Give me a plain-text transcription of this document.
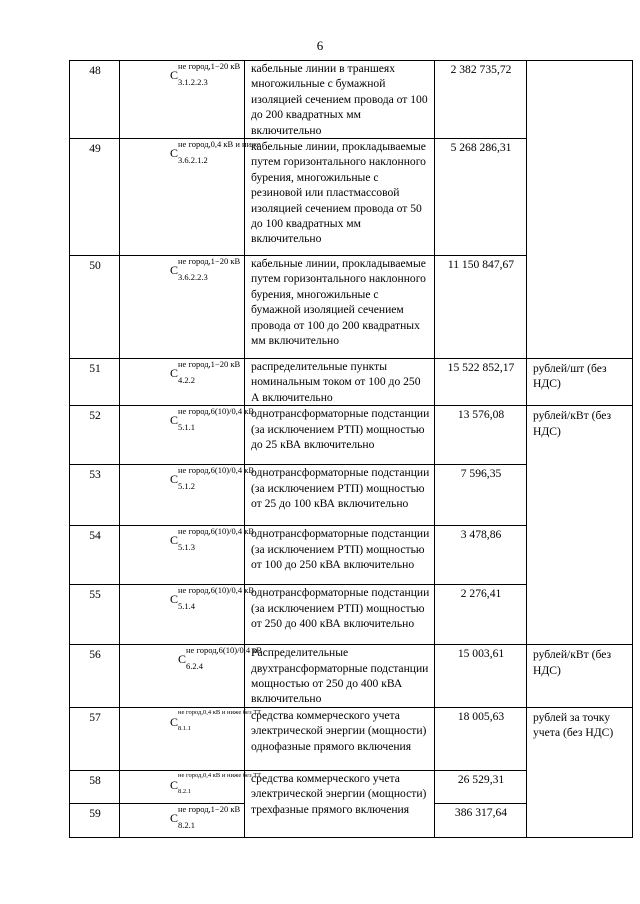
6
48	C
не город,1−20 кВ
3.1.2.2.3	кабельные линии в траншеях многожильные с бумажной изоляцией сечением провода от 100 до 200 квадратных мм включительно	2 382 735,72	
49	C
не город,0,4 кВ и ниже
3.6.2.1.2	кабельные линии, прокладываемые путем горизонтального наклонного бурения, многожильные с резиновой или пластмассовой изоляцией сечением провода от 50 до 100 квадратных мм включительно	5 268 286,31	
50	C
не город,1−20 кВ
3.6.2.2.3	кабельные линии, прокладываемые путем горизонтального наклонного бурения, многожильные с бумажной изоляцией сечением провода от 100 до 200 квадратных мм включительно	11 150 847,67	
51	C
не город,1−20 кВ
4.2.2	распределительные пункты номинальным током от 100 до 250 А включительно	15 522 852,17	рублей/шт (без НДС)
52	C
не город,6(10)/0,4 кВ
5.1.1	однотрансформаторные подстанции (за исключением РТП) мощностью до 25 кВА включительно	13 576,08	рублей/кВт (без НДС)
53	C
не город,6(10)/0,4 кВ
5.1.2	однотрансформаторные подстанции (за исключением РТП) мощностью от 25 до 100 кВА включительно	7 596,35	
54	C
не город,6(10)/0,4 кВ
5.1.3	однотрансформаторные подстанции (за исключением РТП) мощностью от 100 до 250 кВА включительно	3 478,86	
55	C
не город,6(10)/0,4 кВ
5.1.4	однотрансформаторные подстанции (за исключением РТП) мощностью от 250 до 400 кВА включительно	2 276,41	
56	C
не город,6(10)/0,4 кВ
6.2.4	Распределительные двухтрансформаторные подстанции мощностью от 250 до 400 кВА включительно	15 003,61	рублей/кВт (без НДС)
57	C
не город,0,4 кВ и ниже без ТТ
8.1.1	средства коммерческого учета электрической энергии (мощности) однофазные прямого включения	18 005,63	рублей за точку учета (без НДС)
58	C
не город,0,4 кВ и ниже без ТТ
8.2.1	средства коммерческого учета электрической энергии (мощности) трехфазные прямого включения	26 529,31	
59	C
не город,1−20 кВ
8.2.1		386 317,64	
